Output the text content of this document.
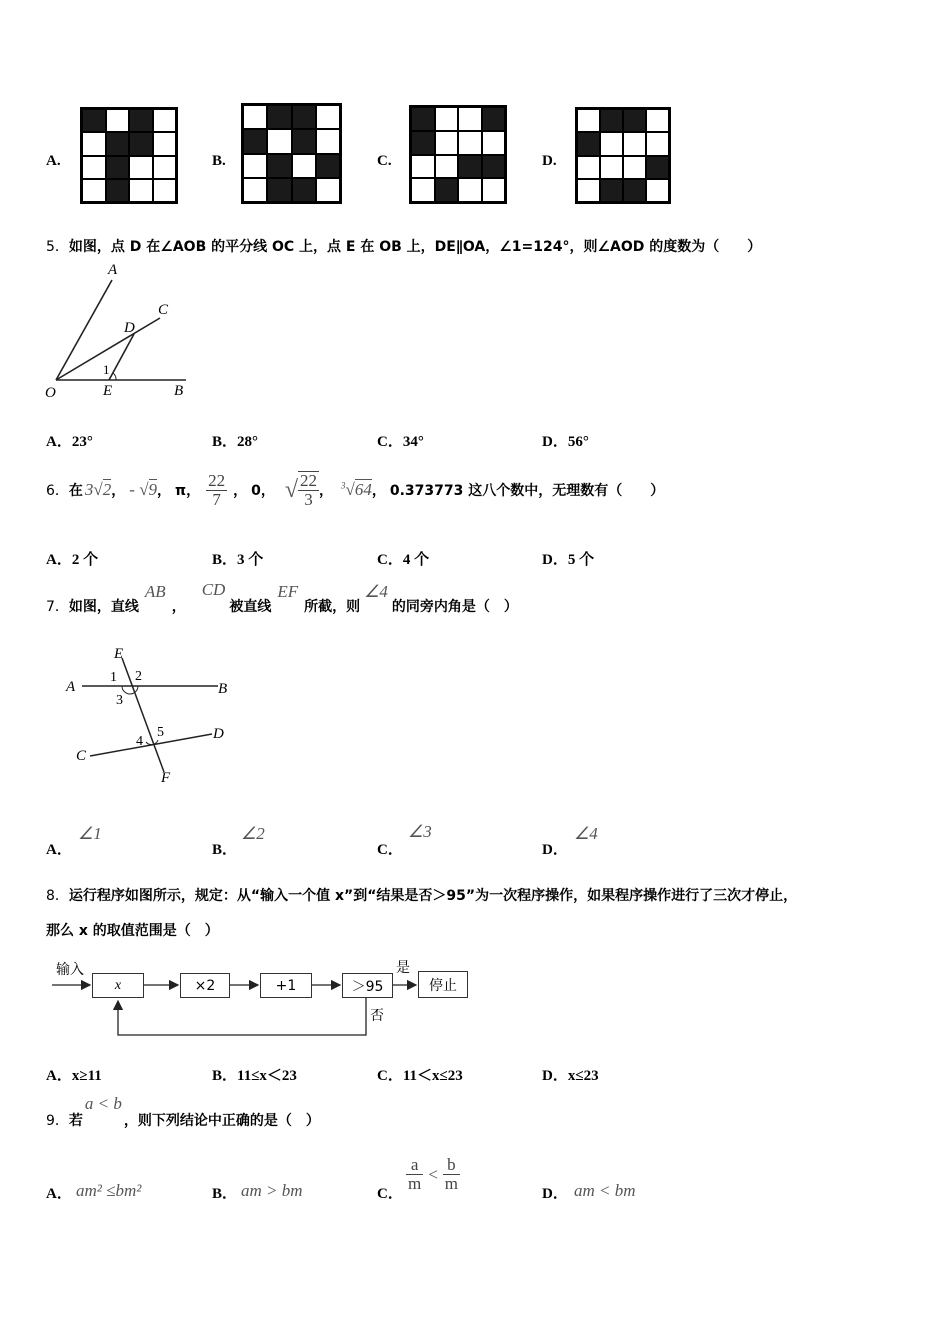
A.	B.	C.	D.
5．如图，点 D 在∠AOB 的平分线 OC 上，点 E 在 OB 上，DE∥OA，∠1=124°，则∠AOD 的度数为（　　）
A
C
D
1
O	E	B
A．23°	B．28°	C．34°	D．56°
6． 在 3√2 ， - √9 ， π， $\frac{22}{7}$ ， 0， √ $\frac{22}{3}$ ， $^3$√64 ， 0.373773 这八个数中，无理数有（　　）
A．2 个	B．3 个	C．4 个	D．5 个
7． 如图，直线
AB
，
CD
被直线
EF
所截，则
∠4
的同旁内角是（　）
E
1 2
A	B
3
5
4	D
C
F
A．
∠1
B．
∠2
C．
∠3
D．
∠4
8．运行程序如图所示，规定：从“输入一个值 x”到“结果是否＞95”为一次程序操作，如果程序操作进行了三次才停止，
那么 x 的取值范围是（　）
输入
x	×2	+1	＞95
是
停止
否
A．x≥11	B．11≤x＜23	C．11＜x≤23	D．x≤23
9． 若
a < b
，则下列结论中正确的是（　）
A． am² ≤bm²	B． am > bm	C．
$\frac{a}{m} < \frac{b}{m}$
D． am < bm
